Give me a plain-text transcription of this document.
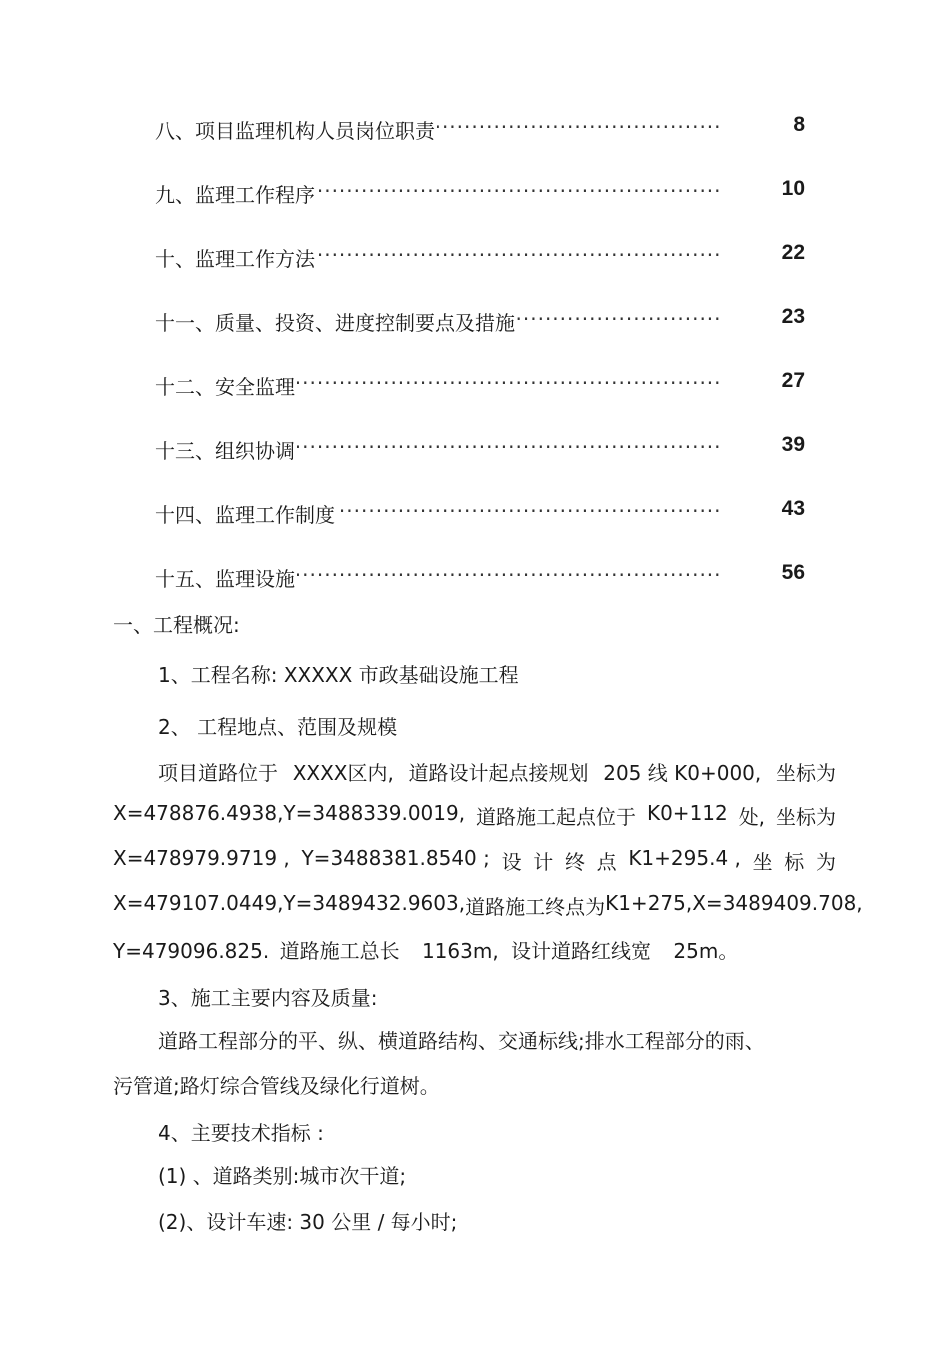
·····
八、项目监理机构人员岗位职责	8
·····
九、监理工作程序	10
·····
十、监理工作方法	22
·····
十一、质量、投资、进度控制要点及措施	23
·····
十二、安全监理	27
·····
十三、组织协调	39
·····
十四、监理工作制度	43
·····
十五、监理设施	56
一、工程概况:
1、工程名称: XXXXX 市政基础设施工程
2、 工程地点、范围及规模
项目道路位于 XXXX区内, 道路设计起点接规划 205 线 K0+000, 坐标为
X=478876.4938,Y=3488339.0019, 道路施工起点位于 K0+112 处, 坐标为
X=478979.9719 , Y=3488381.8540 ; 设 计 终 点 K1+295.4 , 坐 标 为
X=479107.0449, Y=3489432.9603, 道路施工终点为 K1+275, X=3489409.708,
Y=479096.825. 道路施工总长 1163m, 设计道路红线宽 25m。
3、施工主要内容及质量:
道路工程部分的平、纵、横道路结构、交通标线;排水工程部分的雨、
污管道;路灯综合管线及绿化行道树。
4、主要技术指标 :
(1) 、道路类别:城市次干道;
(2)、设计车速: 30 公里 / 每小时;
